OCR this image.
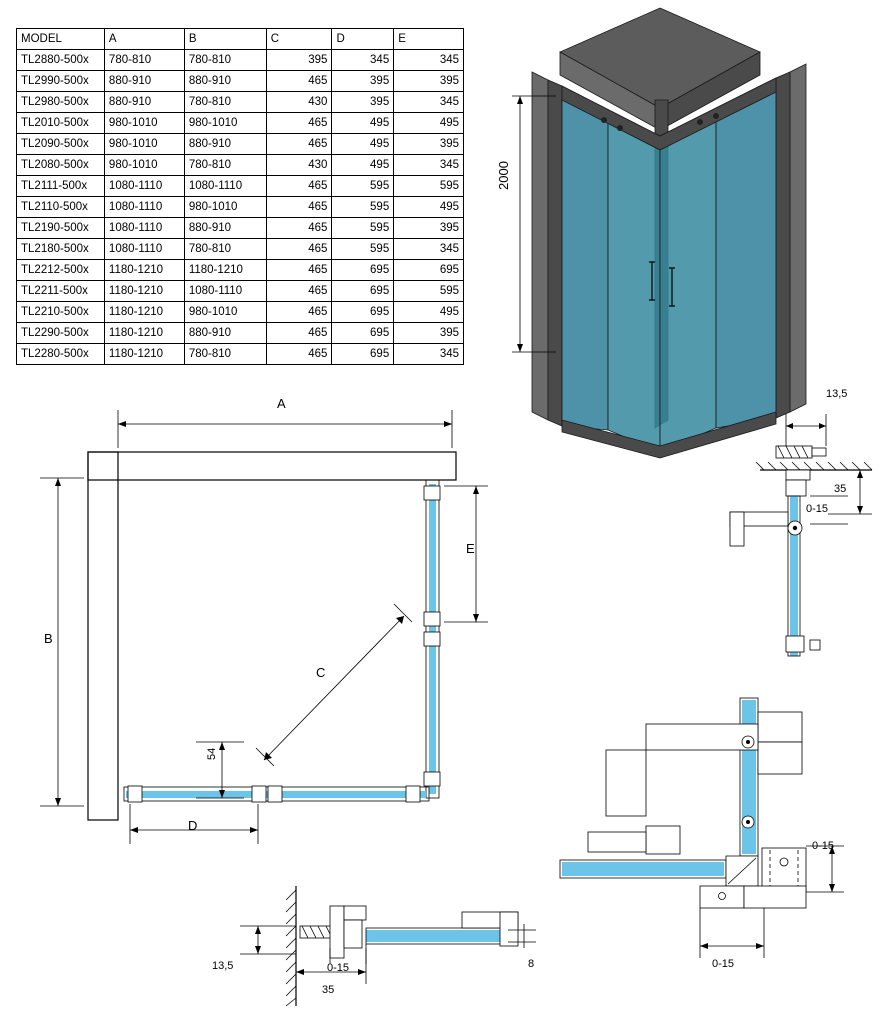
MODEL	A	B	C	D	E
TL2880-500x	780-810	780-810	395	345	345
TL2990-500x	880-910	880-910	465	395	395
TL2980-500x	880-910	780-810	430	395	345
TL2010-500x	980-1010	980-1010	465	495	495
TL2090-500x	980-1010	880-910	465	495	395
TL2080-500x	980-1010	780-810	430	495	345
TL2111-500x	1080-1110	1080-1110	465	595	595
TL2110-500x	1080-1110	980-1010	465	595	495
TL2190-500x	1080-1110	880-910	465	595	395
TL2180-500x	1080-1110	780-810	465	595	345
TL2212-500x	1180-1210	1180-1210	465	695	695
TL2211-500x	1180-1210	1080-1110	465	695	595
TL2210-500x	1180-1210	980-1010	465	695	495
TL2290-500x	1180-1210	880-910	465	695	395
TL2280-500x	1180-1210	780-810	465	695	345
2000
A
B
E
D
C
54
13,5
35
0-15
13,5	0-15
35
8
0-15
0-15
